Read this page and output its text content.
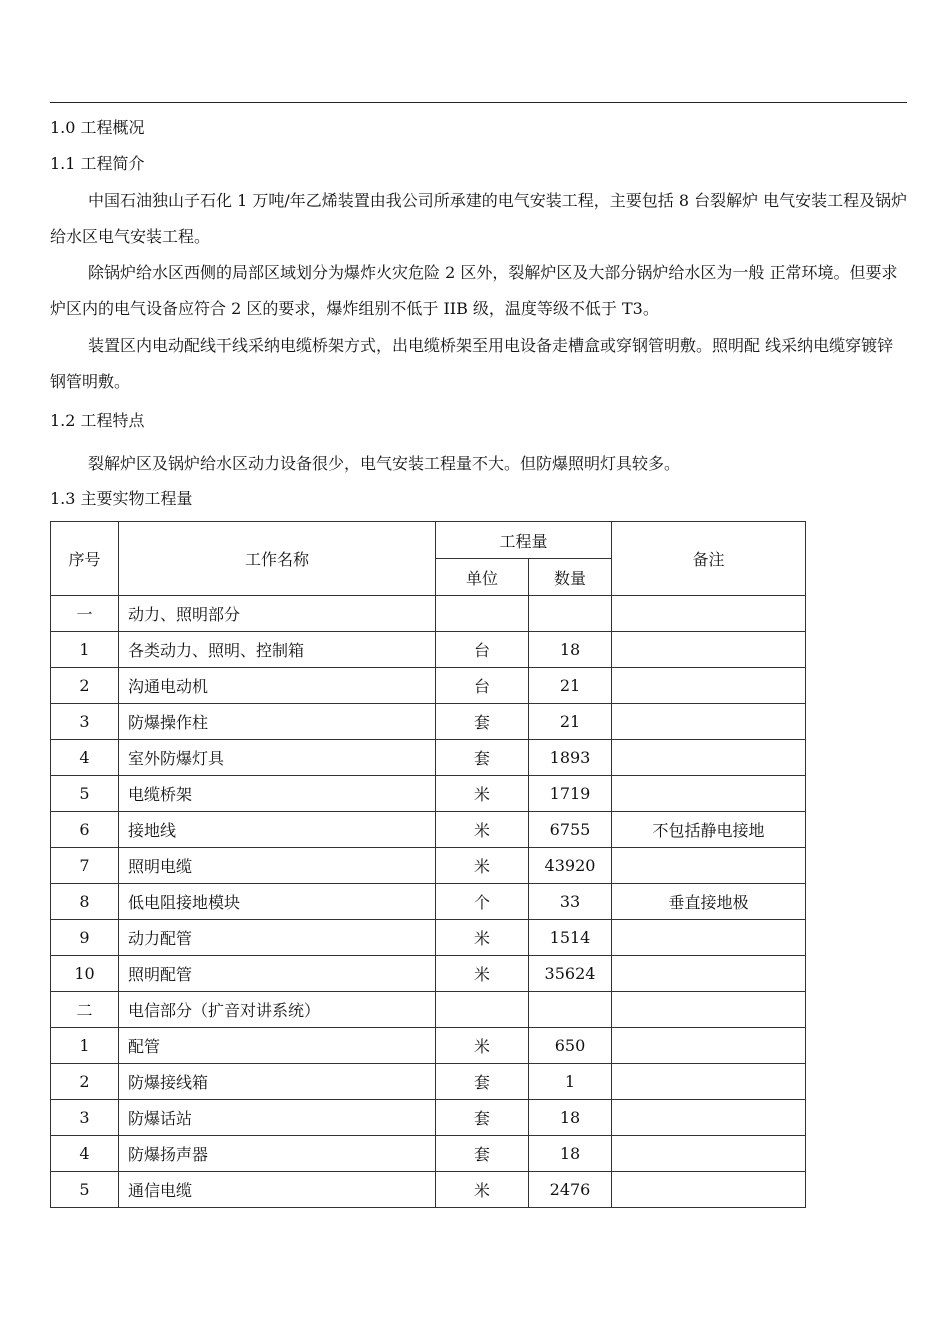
1.0 工程概况
1.1 工程简介

中国石油独山子石化 1 万吨/年乙烯装置由我公司所承建的电气安装工程，主要包括 8 台裂解炉 电气安装工程及锅炉给水区电气安装工程。

除锅炉给水区西侧的局部区域划分为爆炸火灾危险 2 区外，裂解炉区及大部分锅炉给水区为一般 正常环境。但要求炉区内的电气设备应符合 2 区的要求，爆炸组别不低于 IIB 级，温度等级不低于 T3。

装置区内电动配线干线采纳电缆桥架方式，出电缆桥架至用电设备走槽盒或穿钢管明敷。照明配 线采纳电缆穿镀锌钢管明敷。

1.2 工程特点

裂解炉区及锅炉给水区动力设备很少，电气安装工程量不大。但防爆照明灯具较多。

1.3 主要实物工程量
序号	工作名称	工程量		备注
		单位	数量	
一	动力、照明部分			
1	各类动力、照明、控制箱	台	18	
2	沟通电动机	台	21	
3	防爆操作柱	套	21	
4	室外防爆灯具	套	1893	
5	电缆桥架	米	1719	
6	接地线	米	6755	不包括静电接地
7	照明电缆	米	43920	
8	低电阻接地模块	个	33	垂直接地极
9	动力配管	米	1514	
10	照明配管	米	35624	
二	电信部分（扩音对讲系统）			
1	配管	米	650	
2	防爆接线箱	套	1	
3	防爆话站	套	18	
4	防爆扬声器	套	18	
5	通信电缆	米	2476	
